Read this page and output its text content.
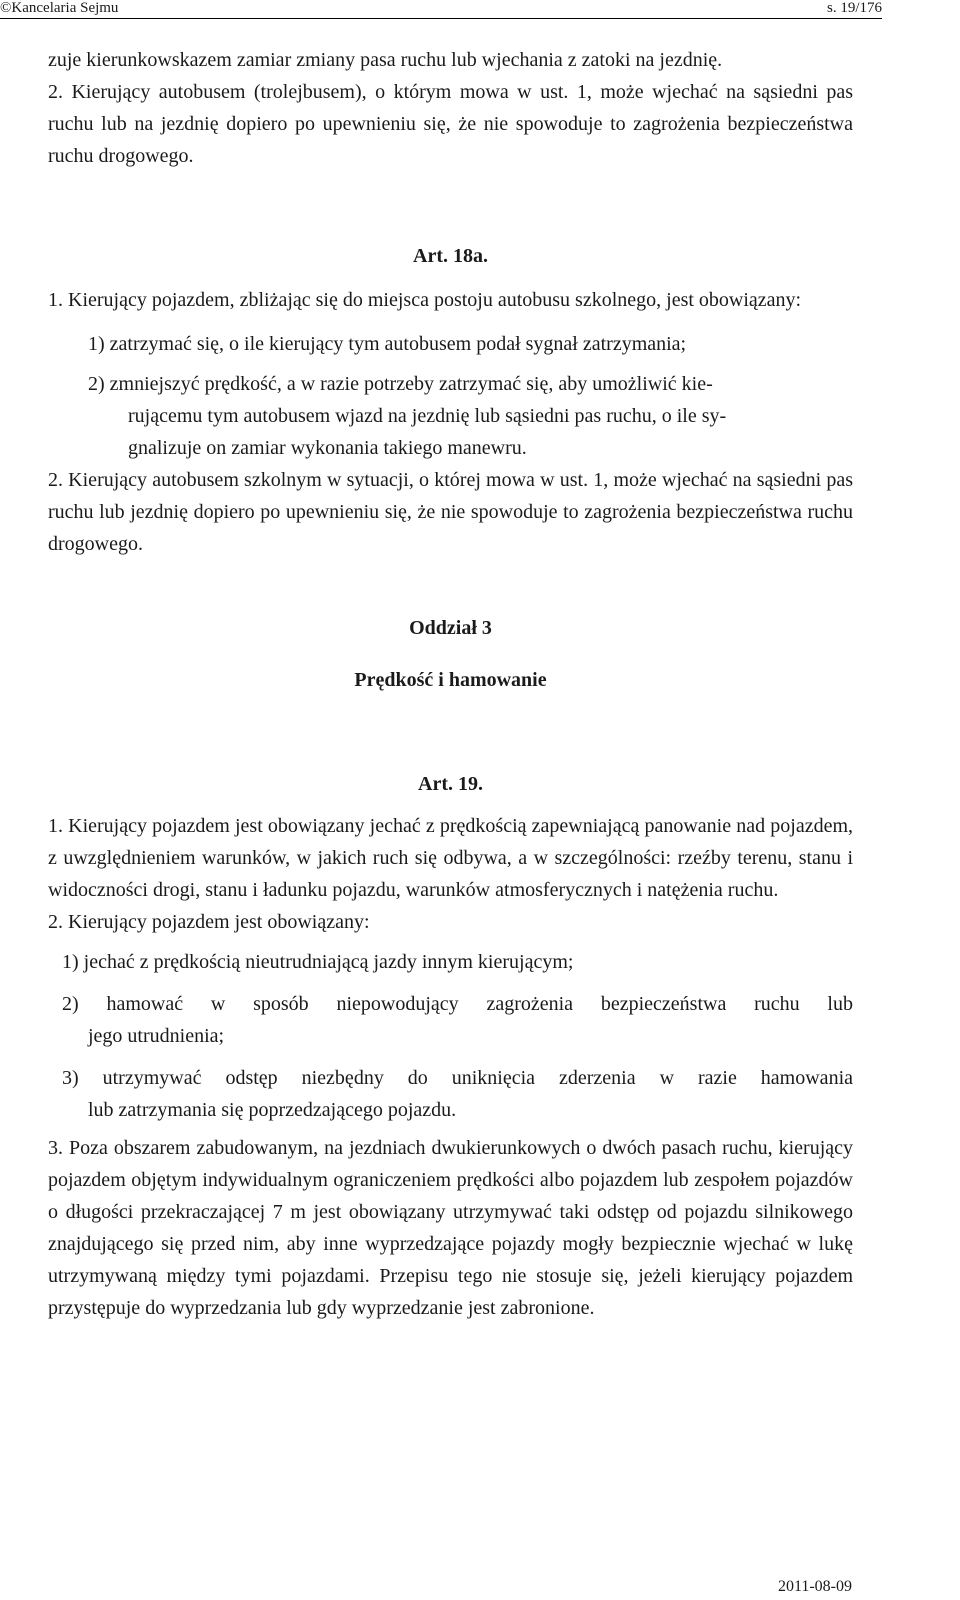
©Kancelaria Sejmu	s. 19/176

zuje kierunkowskazem zamiar zmiany pasa ruchu lub wjechania z zatoki na jezdnię.

2. Kierujący autobusem (trolejbusem), o którym mowa w ust. 1, może wjechać na sąsiedni pas ruchu lub na jezdnię dopiero po upewnieniu się, że nie spowoduje to zagrożenia bezpieczeństwa ruchu drogowego.

Art. 18a.

1. Kierujący pojazdem, zbliżając się do miejsca postoju autobusu szkolnego, jest obowiązany:

1) zatrzymać się, o ile kierujący tym autobusem podał sygnał zatrzymania;

2) zmniejszyć prędkość, a w razie potrzeby zatrzymać się, aby umożliwić kie-

rującemu tym autobusem wjazd na jezdnię lub sąsiedni pas ruchu, o ile sy-

gnalizuje on zamiar wykonania takiego manewru.

2. Kierujący autobusem szkolnym w sytuacji, o której mowa w ust. 1, może wjechać na sąsiedni pas ruchu lub jezdnię dopiero po upewnieniu się, że nie spowoduje to zagrożenia bezpieczeństwa ruchu drogowego.

Oddział 3

Prędkość i hamowanie

Art. 19.

1. Kierujący pojazdem jest obowiązany jechać z prędkością zapewniającą panowanie nad pojazdem, z uwzględnieniem warunków, w jakich ruch się odbywa, a w szczególności: rzeźby terenu, stanu i widoczności drogi, stanu i ładunku pojazdu, warunków atmosferycznych i natężenia ruchu.

2. Kierujący pojazdem jest obowiązany:

1) jechać z prędkością nieutrudniającą jazdy innym kierującym;

2) hamować w sposób niepowodujący zagrożenia bezpieczeństwa ruchu lub

jego utrudnienia;

3) utrzymywać odstęp niezbędny do uniknięcia zderzenia w razie hamowania

lub zatrzymania się poprzedzającego pojazdu.

3. Poza obszarem zabudowanym, na jezdniach dwukierunkowych o dwóch pasach ruchu, kierujący pojazdem objętym indywidualnym ograniczeniem prędkości albo pojazdem lub zespołem pojazdów o długości przekraczającej 7 m jest obowiązany utrzymywać taki odstęp od pojazdu silnikowego znajdującego się przed nim, aby inne wyprzedzające pojazdy mogły bezpiecznie wjechać w lukę utrzymywaną między tymi pojazdami. Przepisu tego nie stosuje się, jeżeli kierujący pojazdem przystępuje do wyprzedzania lub gdy wyprzedzanie jest zabronione.

2011-08-09
